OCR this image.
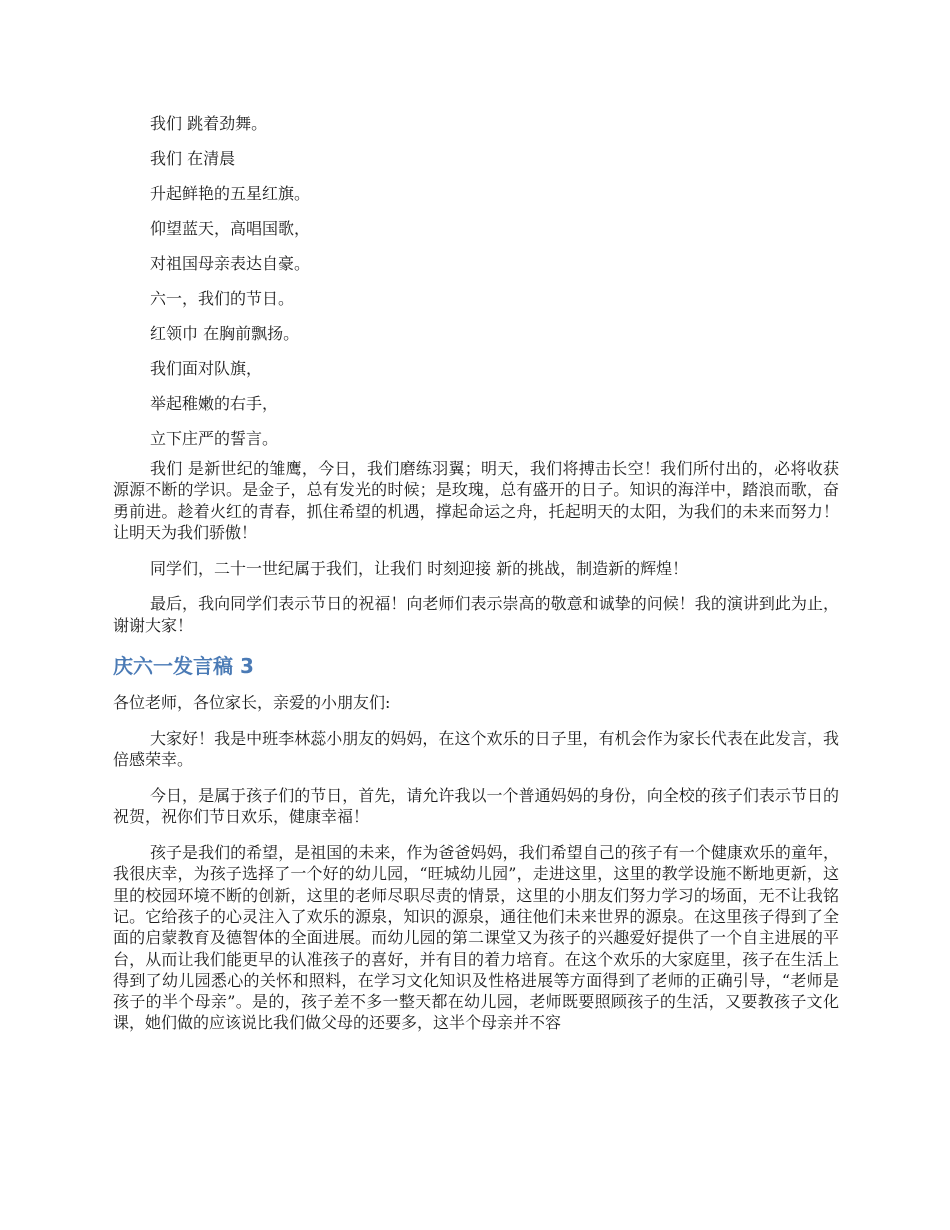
我们 跳着劲舞。
我们 在清晨
升起鲜艳的五星红旗。
仰望蓝天，高唱国歌，
对祖国母亲表达自豪。
六一，我们的节日。
红领巾 在胸前飘扬。
我们面对队旗，
举起稚嫩的右手，
立下庄严的誓言。

我们 是新世纪的雏鹰，今日，我们磨练羽翼；明天，我们将搏击长空！我们所付出的，必将收获源源不断的学识。是金子，总有发光的时候；是玫瑰，总有盛开的日子。知识的海洋中，踏浪而歌，奋勇前进。趁着火红的青春，抓住希望的机遇，撑起命运之舟，托起明天的太阳，为我们的未来而努力！让明天为我们骄傲！

同学们，二十一世纪属于我们，让我们 时刻迎接 新的挑战，制造新的辉煌！

最后，我向同学们表示节日的祝福！向老师们表示崇高的敬意和诚挚的问候！我的演讲到此为止，谢谢大家！

庆六一发言稿 3

各位老师，各位家长，亲爱的小朋友们:

大家好！我是中班李林蕊小朋友的妈妈，在这个欢乐的日子里，有机会作为家长代表在此发言，我倍感荣幸。

今日，是属于孩子们的节日，首先，请允许我以一个普通妈妈的身份，向全校的孩子们表示节日的祝贺，祝你们节日欢乐，健康幸福！

孩子是我们的希望，是祖国的未来，作为爸爸妈妈，我们希望自己的孩子有一个健康欢乐的童年，我很庆幸，为孩子选择了一个好的幼儿园，“旺城幼儿园”，走进这里，这里的教学设施不断地更新，这里的校园环境不断的创新，这里的老师尽职尽责的情景，这里的小朋友们努力学习的场面，无不让我铭记。它给孩子的心灵注入了欢乐的源泉，知识的源泉，通往他们未来世界的源泉。在这里孩子得到了全面的启蒙教育及德智体的全面进展。而幼儿园的第二课堂又为孩子的兴趣爱好提供了一个自主进展的平台，从而让我们能更早的认准孩子的喜好，并有目的着力培育。在这个欢乐的大家庭里，孩子在生活上得到了幼儿园悉心的关怀和照料，在学习文化知识及性格进展等方面得到了老师的正确引导，“老师是孩子的半个母亲”。是的，孩子差不多一整天都在幼儿园，老师既要照顾孩子的生活，又要教孩子文化课，她们做的应该说比我们做父母的还要多，这半个母亲并不容
